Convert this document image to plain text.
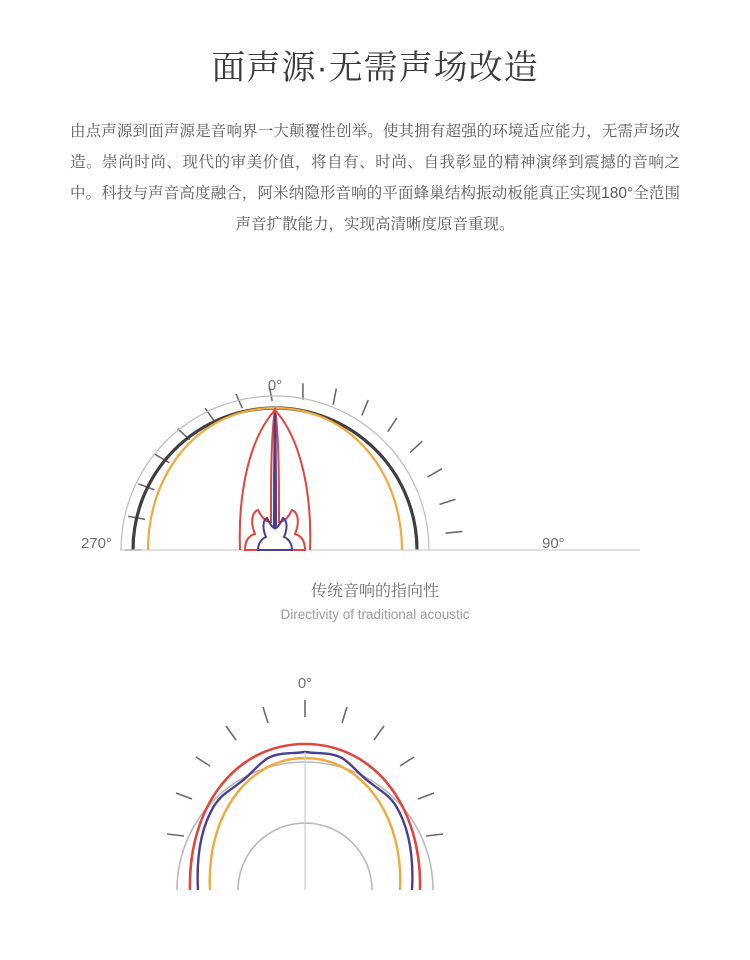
面声源·无需声场改造

由点声源到面声源是音响界一大颠覆性创举。使其拥有超强的环境适应能力，无需声场改造。崇尚时尚、现代的审美价值，将自有、时尚、自我彰显的精神演绎到震撼的音响之中。科技与声音高度融合，阿米纳隐形音响的平面蜂巢结构振动板能真正实现180°全范围声音扩散能力，实现高清晰度原音重现。

0°
270°	90°
传统音响的指向性
Directivity of traditional acoustic
0°
